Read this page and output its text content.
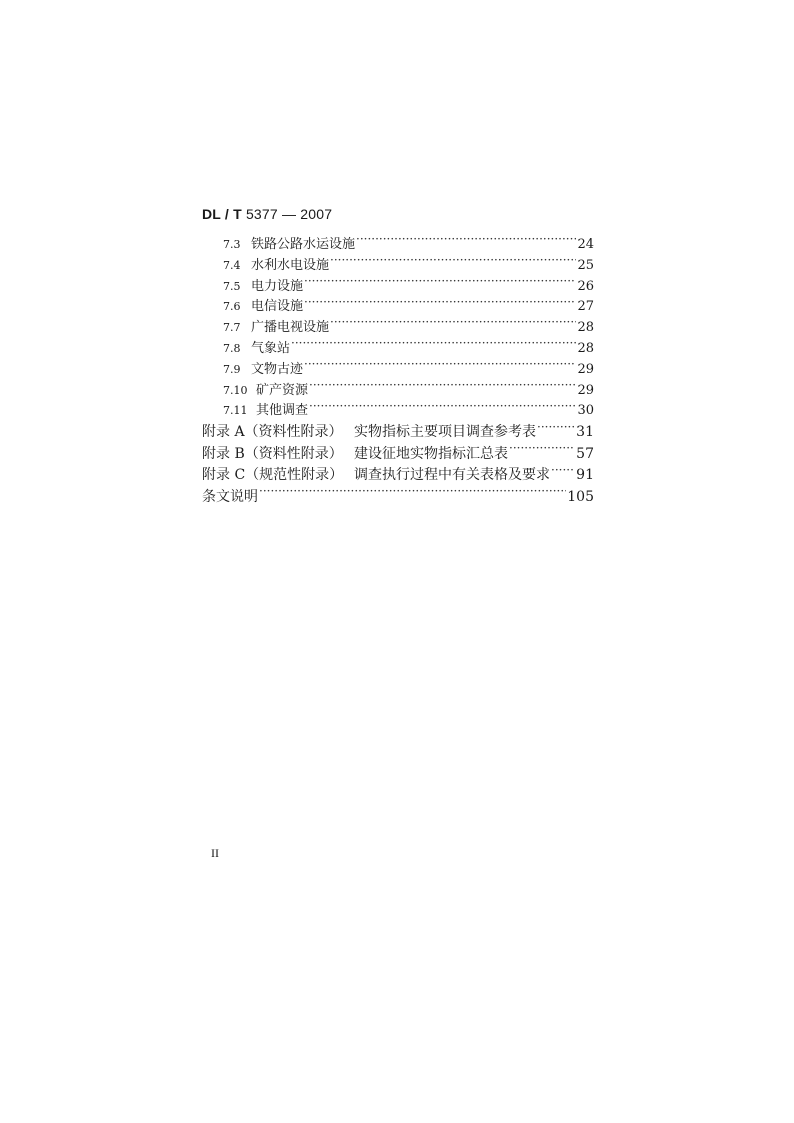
DL / T 5377 — 2007
7.3 铁路公路水运设施 ·····	24
7.4 水利水电设施 ·····	25
7.5 电力设施 ·····	26
7.6 电信设施 ·····	27
7.7 广播电视设施 ·····	28
7.8 气象站 ·····	28
7.9 文物古迹 ·····	29
7.10 矿产资源 ·····	29
7.11 其他调查 ·····	30
附录 A（资料性附录） 实物指标主要项目调查参考表 ·····	31
附录 B（资料性附录） 建设征地实物指标汇总表 ·····	57
附录 C（规范性附录） 调查执行过程中有关表格及要求 ····· 91
条文说明 ·····	105
II
